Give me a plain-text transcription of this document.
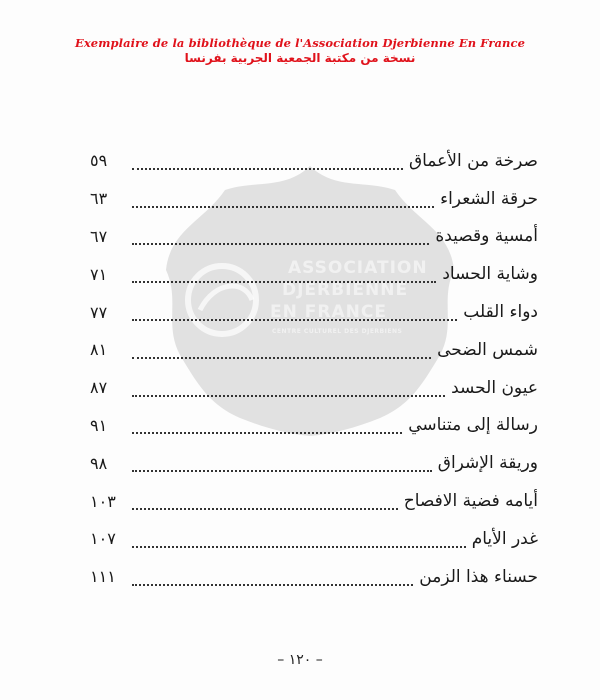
Exemplaire de la bibliothèque de l'Association Djerbienne En France
نسخة من مكتبة الجمعية الجربية بفرنسا
ASSOCIATION
DJERBIENNE
EN FRANCE
CENTRE CULTUREL DES DJERBIENS
صرخة من الأعماق
٥٩
حرقة الشعراء
٦٣
أمسية وقصيدة
٦٧
وشاية الحساد
٧١
دواء القلب
٧٧
شمس الضحى
٨١
عيون الحسد
٨٧
رسالة إلى متناسي
٩١
وريقة الإشراق
٩٨
أيامه فضية الافصاح
١٠٣
غدر الأيام
١٠٧
حسناء هذا الزمن
١١١
– ١٢٠ –
